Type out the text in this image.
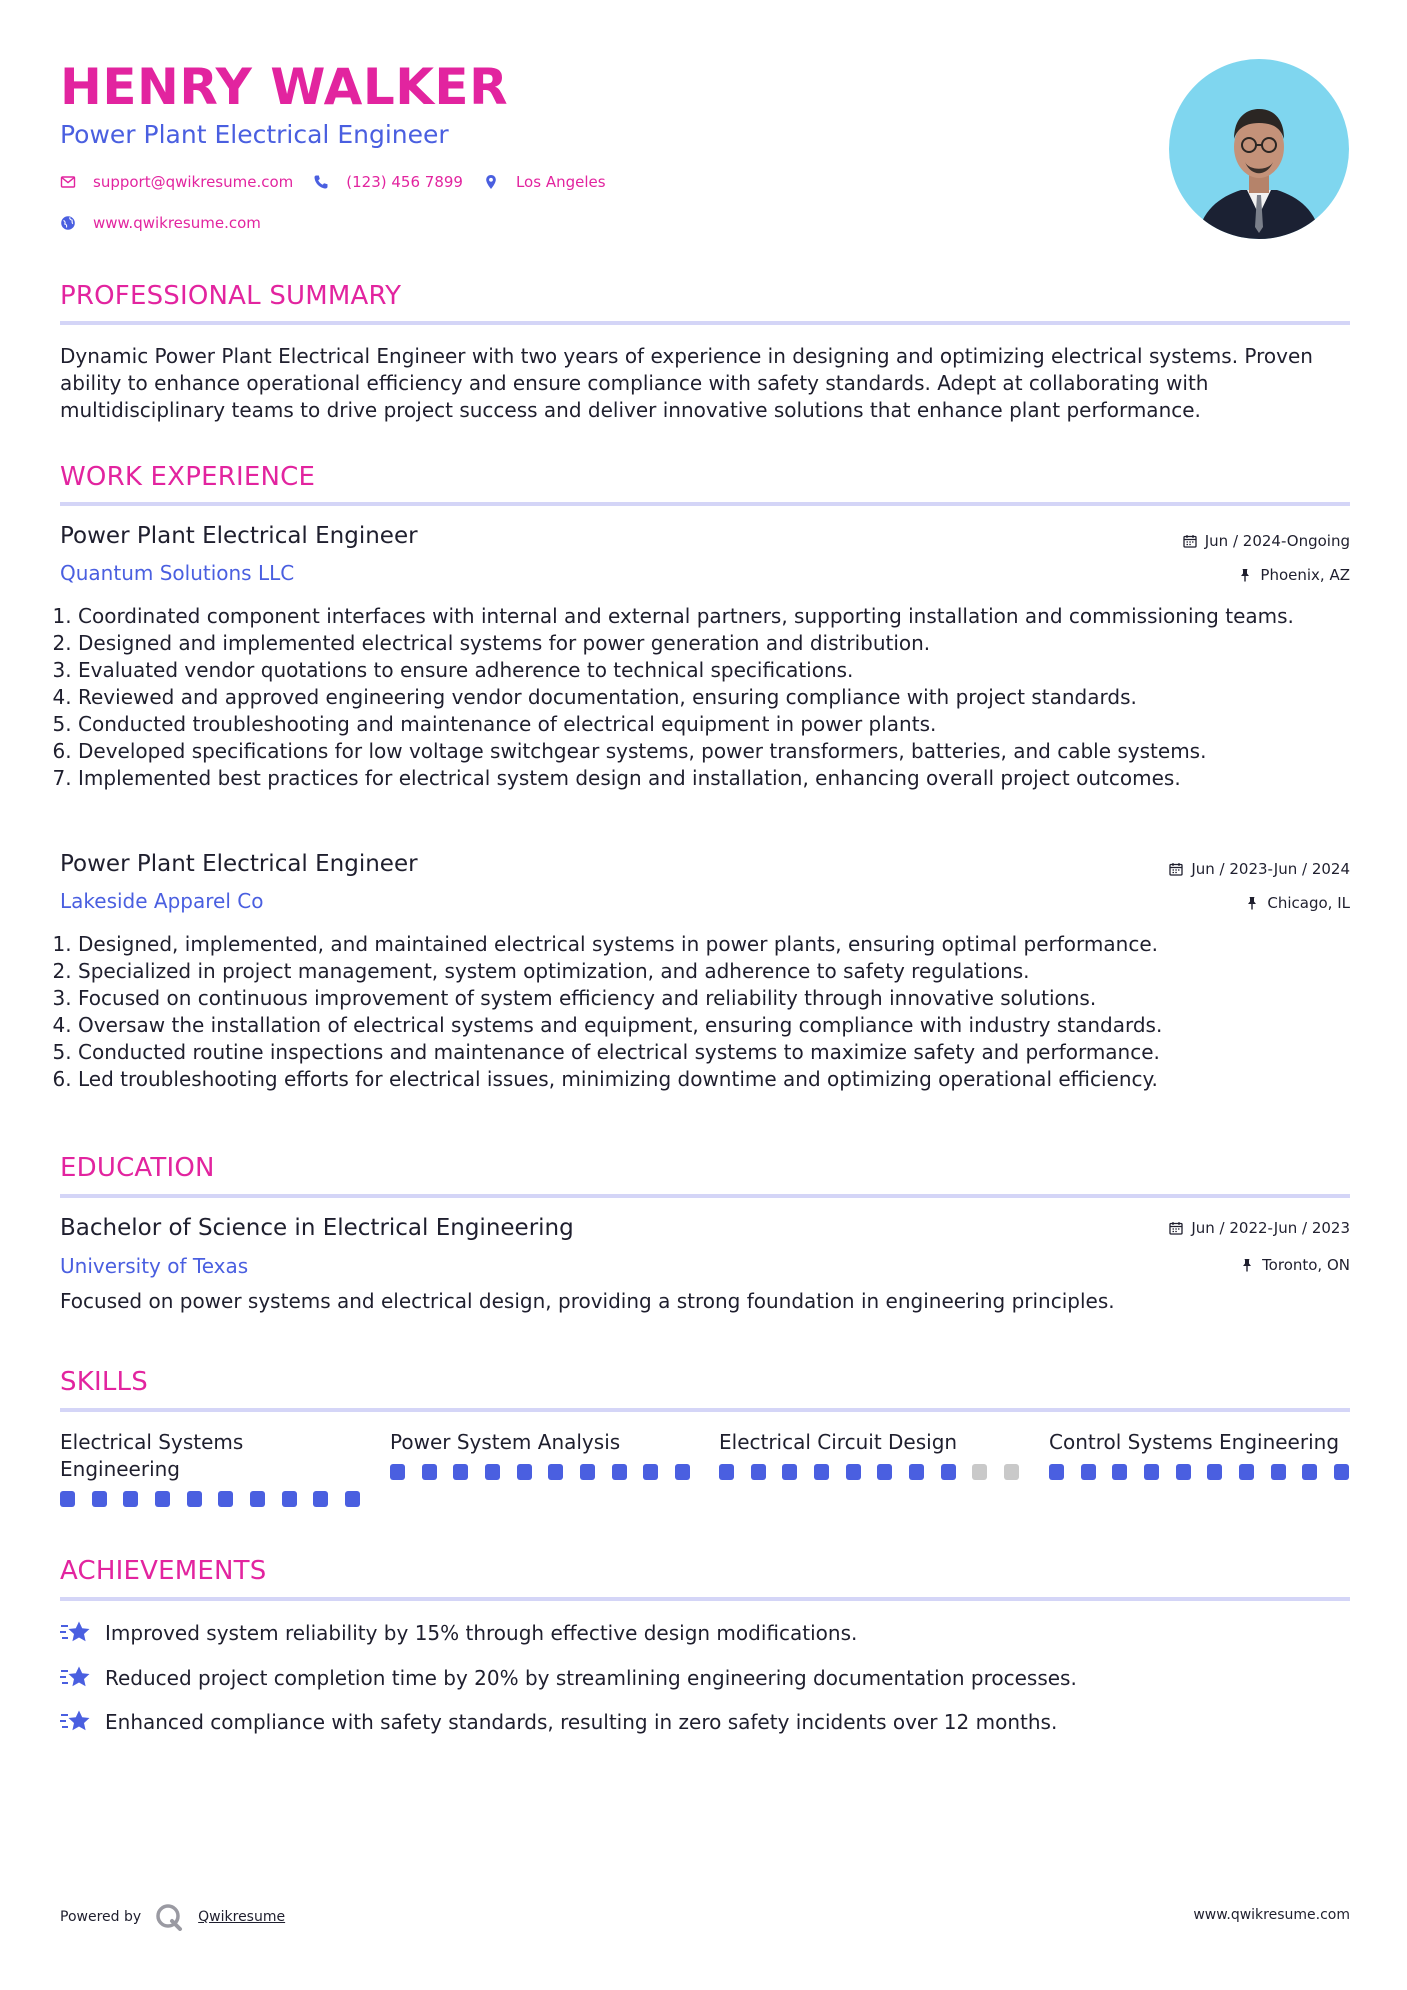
HENRY WALKER
Power Plant Electrical Engineer
support@qwikresume.com	(123) 456 7899	Los Angeles
www.qwikresume.com
PROFESSIONAL SUMMARY

Dynamic Power Plant Electrical Engineer with two years of experience in designing and optimizing electrical systems. Proven ability to enhance operational efficiency and ensure compliance with safety standards. Adept at collaborating with multidisciplinary teams to drive project success and deliver innovative solutions that enhance plant performance.

WORK EXPERIENCE
Power Plant Electrical Engineer	Jun / 2024-Ongoing
Quantum Solutions LLC	Phoenix, AZ
1. Coordinated component interfaces with internal and external partners, supporting installation and commissioning teams.
2. Designed and implemented electrical systems for power generation and distribution.
3. Evaluated vendor quotations to ensure adherence to technical specifications.
4. Reviewed and approved engineering vendor documentation, ensuring compliance with project standards.
5. Conducted troubleshooting and maintenance of electrical equipment in power plants.
6. Developed specifications for low voltage switchgear systems, power transformers, batteries, and cable systems.
7. Implemented best practices for electrical system design and installation, enhancing overall project outcomes.
Power Plant Electrical Engineer	Jun / 2023-Jun / 2024
Lakeside Apparel Co	Chicago, IL
1. Designed, implemented, and maintained electrical systems in power plants, ensuring optimal performance.
2. Specialized in project management, system optimization, and adherence to safety regulations.
3. Focused on continuous improvement of system efficiency and reliability through innovative solutions.
4. Oversaw the installation of electrical systems and equipment, ensuring compliance with industry standards.
5. Conducted routine inspections and maintenance of electrical systems to maximize safety and performance.
6. Led troubleshooting efforts for electrical issues, minimizing downtime and optimizing operational efficiency.
EDUCATION
Bachelor of Science in Electrical Engineering	Jun / 2022-Jun / 2023
University of Texas	Toronto, ON

Focused on power systems and electrical design, providing a strong foundation in engineering principles.

SKILLS

Electrical Systems Engineering

Power System Analysis	Electrical Circuit Design	Control Systems Engineering

ACHIEVEMENTS
Improved system reliability by 15% through effective design modifications.
Reduced project completion time by 20% by streamlining engineering documentation processes.
Enhanced compliance with safety standards, resulting in zero safety incidents over 12 months.
Powered by	Qwikresume	www.qwikresume.com
